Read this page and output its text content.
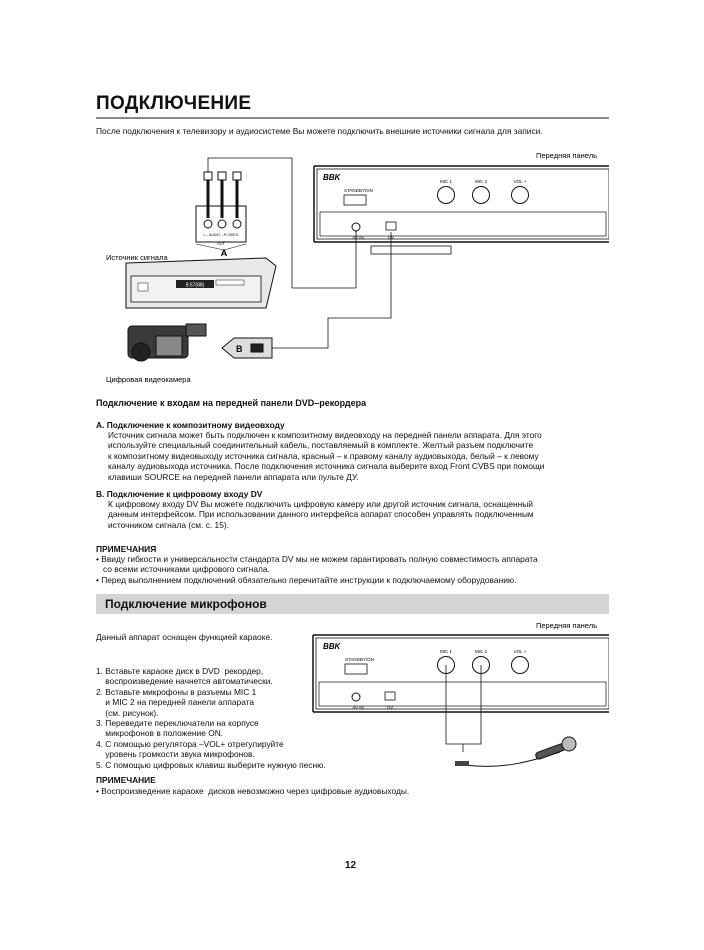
ПОДКЛЮЧЕНИЕ
После подключения к телевизору и аудиосистеме Вы можете подключить внешние источники сигнала для записи.
Передняя панель
BBK
STANDBY/ON
MIC 1	MIC 2	VOL +
AV IN	DV
L – AUDIO – R VIDEO
OUT
A
8:57(88)
Источник сигнала
Цифровая видеокамера
B
Подключение к входам на передней панели DVD–рекордера
A. Подключение к композитному видеовходу
Источник сигнала может быть подключен к композитному видеовходу на передней панели аппарата. Для этого
используйте специальный соединительный кабель, поставляемый в комплекте. Желтый разъем подключите
к композитному видеовыходу источника сигнала, красный – к правому каналу аудиовыхода, белый – к левому
каналу аудиовыхода источника. После подключения источника сигнала выберите вход Front CVBS при помощи
клавиши SOURCE на передней панели аппарата или пульте ДУ.
B. Подключение к цифровому входу DV
К цифровому входу DV Вы можете подключить цифровую камеру или другой источник сигнала, оснащенный
данным интерфейсом. При использовании данного интерфейса аппарат способен управлять подключенным
источником сигнала (см. с. 15).
ПРИМЕЧАНИЯ
• Ввиду гибкости и универсальности стандарта DV мы не можем гарантировать полную совместимость аппарата
со всеми источниками цифрового сигнала.
• Перед выполнением подключений обязательно перечитайте инструкции к подключаемому оборудованию.
Подключение микрофонов
Передняя панель
BBK
STANDBY/ON
MIC 1	MIC 2	VOL +
AV IN	DV
Данный аппарат оснащен функцией караоке.
1. Вставьте караоке диск в DVD  рекордер,
воспроизведение начнется автоматически.
2. Вставьте микрофоны в разъемы MIC 1
и MIC 2 на передней панели аппарата
(см. рисунок).
3. Переведите переключатели на корпусе
микрофонов в положение ON.
4. С помощью регулятора –VOL+ отрегулируйте
уровень громкости звука микрофонов.
5. С помощью цифровых клавиш выберите нужную песню.
ПРИМЕЧАНИЕ
• Воспроизведение караоке  дисков невозможно через цифровые аудиовыходы.
12
